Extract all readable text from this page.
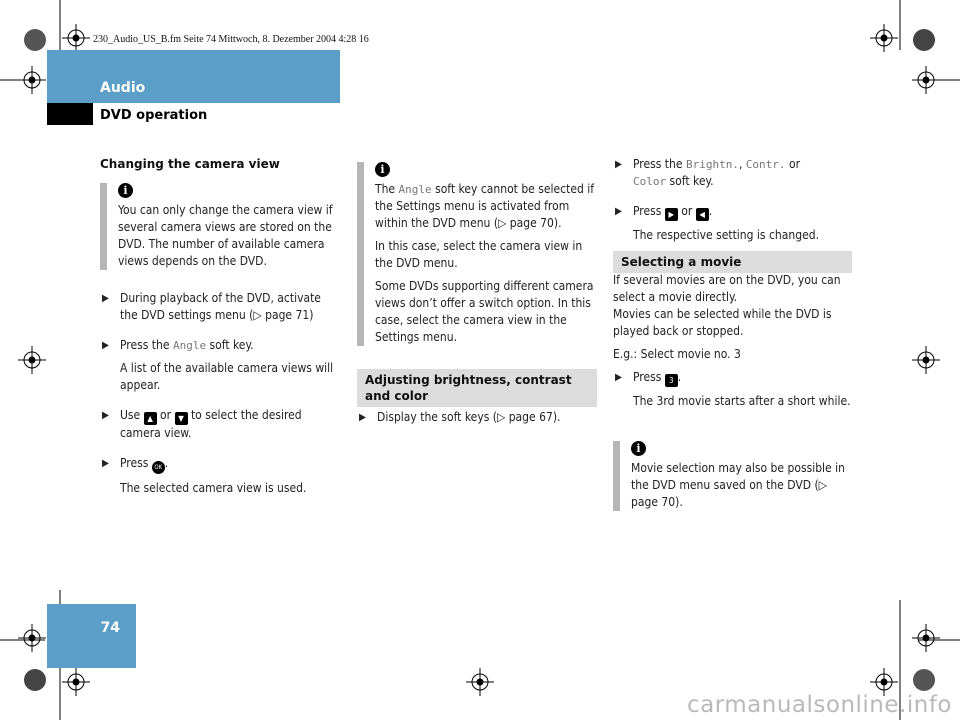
230_Audio_US_B.fm Seite 74 Mittwoch, 8. Dezember 2004 4:28 16
Audio
DVD operation
Changing the camera view
i

You can only change the camera view if several camera views are stored on the DVD. The number of available camera views depends on the DVD.

▶ During playback of the DVD, activate the DVD settings menu (▷ page 71)

▶ Press the Angle soft key.

A list of the available camera views will appear.

▶ Use ▲ or ▼ to select the desired camera view.

▶ Press OK .

The selected camera view is used.

i

The Angle soft key cannot be selected if the Settings menu is activated from within the DVD menu (▷ page 70).

In this case, select the camera view in the DVD menu.

Some DVDs supporting different camera views don’t offer a switch option. In this case, select the camera view in the Settings menu.

Adjusting brightness, contrast and color

▶ Display the soft keys (▷ page 67).

▶ Press the Brightn., Contr. or
Color soft key.

▶ Press ▶ or ◀ .

The respective setting is changed.

Selecting a movie

If several movies are on the DVD, you can select a movie directly.

Movies can be selected while the DVD is played back or stopped.

E.g.: Select movie no. 3

▶ Press 3 .

The 3rd movie starts after a short while.

i

Movie selection may also be possible in the DVD menu saved on the DVD (▷ page 70).

74
carmanualsonline.info
